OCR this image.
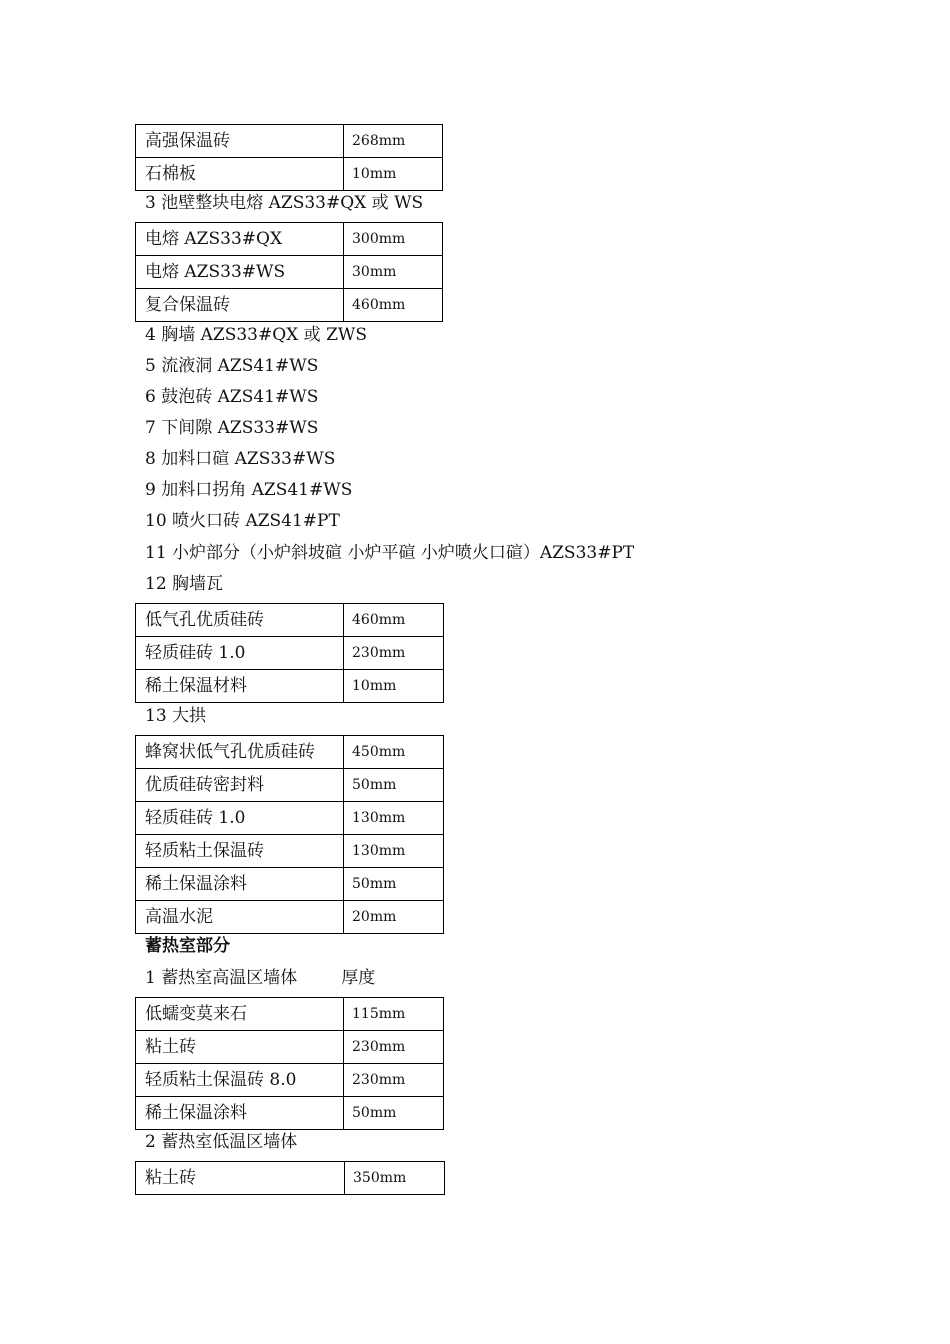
高强保温砖	268mm
石棉板	10mm
3 池壁整块电熔 AZS33#QX 或 WS
电熔 AZS33#QX	300mm
电熔 AZS33#WS	30mm
复合保温砖	460mm
4 胸墙 AZS33#QX 或 ZWS
5 流液洞 AZS41#WS
6 鼓泡砖 AZS41#WS
7 下间隙 AZS33#WS
8 加料口碹 AZS33#WS
9 加料口拐角 AZS41#WS
10 喷火口砖 AZS41#PT
11 小炉部分（小炉斜坡碹 小炉平碹 小炉喷火口碹）AZS33#PT
12 胸墙瓦
低气孔优质硅砖	460mm
轻质硅砖 1.0	230mm
稀土保温材料	10mm
13 大拱
蜂窝状低气孔优质硅砖	450mm
优质硅砖密封料	50mm
轻质硅砖 1.0	130mm
轻质粘土保温砖	130mm
稀土保温涂料	50mm
高温水泥	20mm
蓄热室部分
1 蓄热室高温区墙体	厚度
低蠕变莫来石	115mm
粘土砖	230mm
轻质粘土保温砖 8.0	230mm
稀土保温涂料	50mm
2 蓄热室低温区墙体
粘土砖	350mm
